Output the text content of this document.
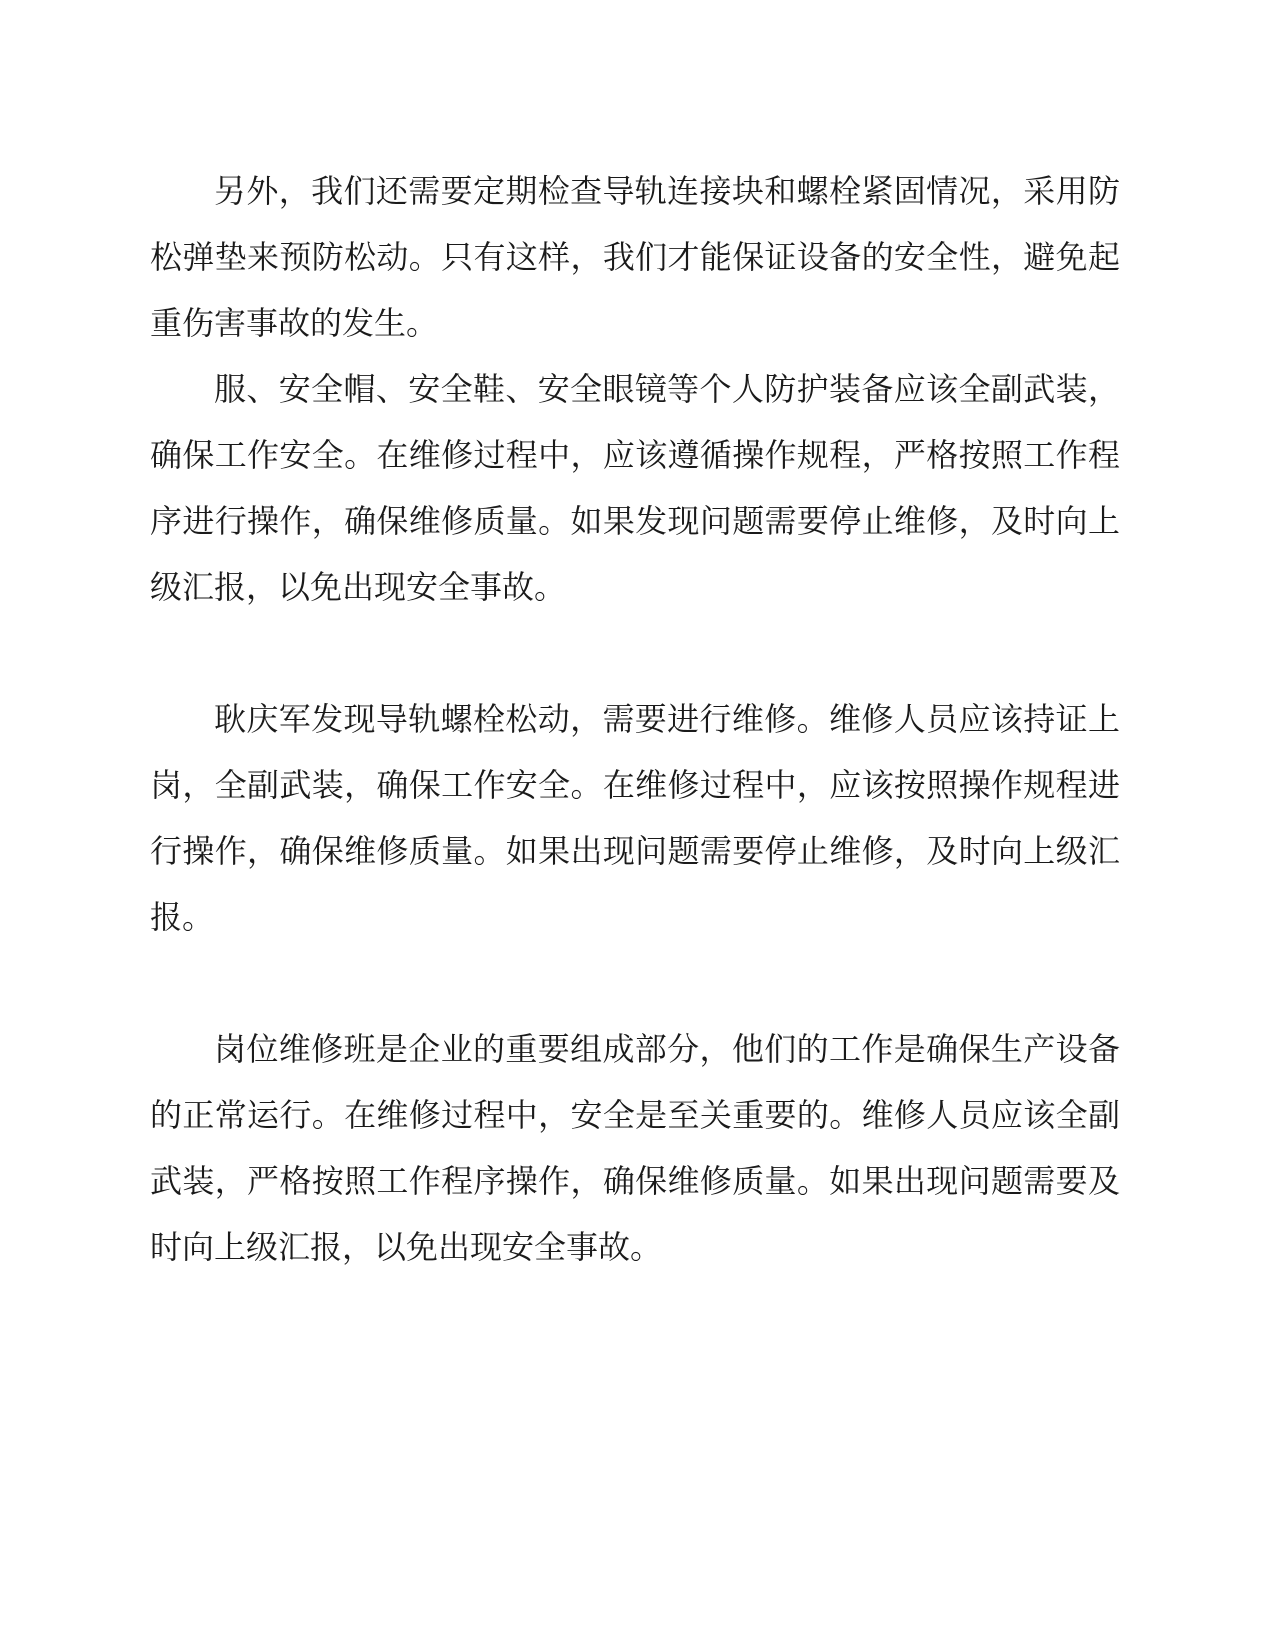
另外，我们还需要定期检查导轨连接块和螺栓紧固情况，采用防松弹垫来预防松动。只有这样，我们才能保证设备的安全性，避免起重伤害事故的发生。

服、安全帽、安全鞋、安全眼镜等个人防护装备应该全副武装，确保工作安全。在维修过程中，应该遵循操作规程，严格按照工作程序进行操作，确保维修质量。如果发现问题需要停止维修，及时向上级汇报，以免出现安全事故。

耿庆军发现导轨螺栓松动，需要进行维修。维修人员应该持证上岗，全副武装，确保工作安全。在维修过程中，应该按照操作规程进行操作，确保维修质量。如果出现问题需要停止维修，及时向上级汇报。

岗位维修班是企业的重要组成部分，他们的工作是确保生产设备的正常运行。在维修过程中，安全是至关重要的。维修人员应该全副武装，严格按照工作程序操作，确保维修质量。如果出现问题需要及时向上级汇报，以免出现安全事故。
